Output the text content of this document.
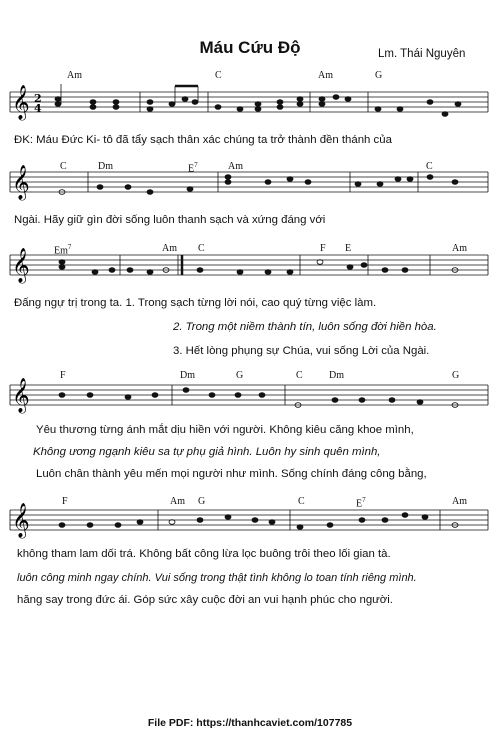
Máu Cứu Độ	Lm. Thái Nguyên
𝄞 2
4
Am	C	Am	G
ĐK: Máu Đức Ki- tô đã tẩy sạch thân xác chúng ta trở thành đền thánh của
𝄞	C	Dm	$E^7$	Am	C
Ngài. Hãy giữ gìn đời sống luôn thanh sạch và xứng đáng với
𝄞 Em$^7$	Am C	F E	Am
Đấng ngự trị trong ta. 1. Trong sạch từng lời nói, cao quý từng việc làm.
2. Trong một niềm thành tín, luôn sống đời hiền hòa.
3. Hết lòng phụng sự Chúa, vui sống Lời của Ngài.
𝄞
F	Dm	G	C	Dm	G
Yêu thương từng ánh mắt dịu hiền với người. Không kiêu căng khoe mình,
Không ương ngạnh kiêu sa tự phụ giả hình. Luôn hy sinh quên mình,
Luôn chân thành yêu mến mọi người như mình. Sống chính đáng công bằng,
𝄞
F	Am G	C	$E^7$	Am
không tham lam dối trá. Không bất công lừa lọc buông trôi theo lối gian tà.
luôn công minh ngay chính. Vui sống trong thật tình không lo toan tính riêng mình.
hăng say trong đức ái. Góp sức xây cuộc đời an vui hạnh phúc cho người.
File PDF: https://thanhcaviet.com/107785
